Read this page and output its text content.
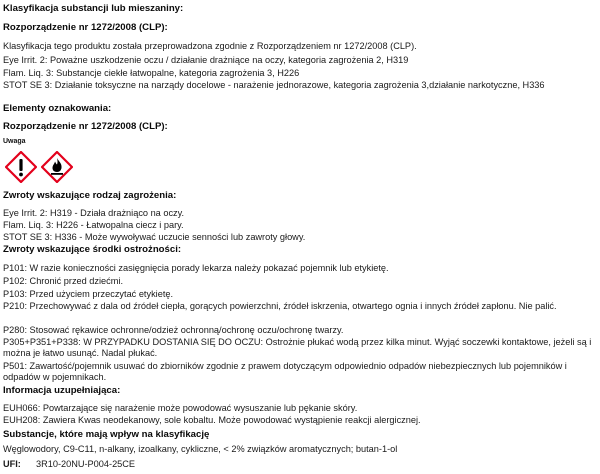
Klasyfikacja substancji lub mieszaniny:
Rozporządzenie nr 1272/2008 (CLP):
Klasyfikacja tego produktu została przeprowadzona zgodnie z Rozporządzeniem nr 1272/2008 (CLP).
Eye Irrit. 2: Poważne uszkodzenie oczu / działanie drażniące na oczy, kategoria zagrożenia 2, H319
Flam. Liq. 3: Substancje ciekłe łatwopalne, kategoria zagrożenia 3, H226
STOT SE 3: Działanie toksyczne na narządy docelowe - narażenie jednorazowe, kategoria zagrożenia 3,działanie narkotyczne, H336
Elementy oznakowania:
Rozporządzenie nr 1272/2008 (CLP):
Uwaga
Zwroty wskazujące rodzaj zagrożenia:
Eye Irrit. 2: H319 - Działa drażniąco na oczy.
Flam. Liq. 3: H226 - Łatwopalna ciecz i pary.
STOT SE 3: H336 - Może wywoływać uczucie senności lub zawroty głowy.
Zwroty wskazujące środki ostrożności:
P101: W razie konieczności zasięgnięcia porady lekarza należy pokazać pojemnik lub etykietę.
P102: Chronić przed dziećmi.
P103: Przed użyciem przeczytać etykietę.
P210: Przechowywać z dala od źródeł ciepła, gorących powierzchni, źródeł iskrzenia, otwartego ognia i innych źródeł zapłonu. Nie palić.
P280: Stosować rękawice ochronne/odzież ochronną/ochronę oczu/ochronę twarzy.
P305+P351+P338: W PRZYPADKU DOSTANIA SIĘ DO OCZU: Ostrożnie płukać wodą przez kilka minut. Wyjąć soczewki kontaktowe, jeżeli są i można je łatwo usunąć. Nadal płukać.
P501: Zawartość/pojemnik usuwać do zbiorników zgodnie z prawem dotyczącym odpowiednio odpadów niebezpiecznych lub pojemników i odpadów w pojemnikach.
Informacja uzupełniająca:
EUH066: Powtarzające się narażenie może powodować wysuszanie lub pękanie skóry.
EUH208: Zawiera Kwas neodekanowy, sole kobaltu. Może powodować wystąpienie reakcji alergicznej.
Substancje, które mają wpływ na klasyfikację
Węglowodory, C9-C11, n-alkany, izoalkany, cykliczne, < 2% związków aromatycznych; butan-1-ol
UFI: 3R10-20NU-P004-25CE
